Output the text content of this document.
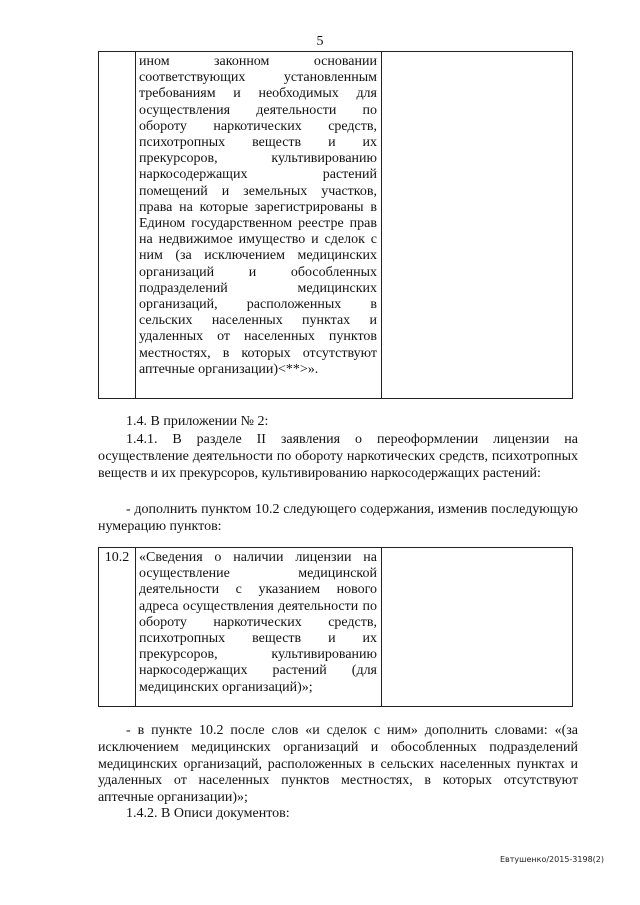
5

ином законном основании соответствующих установленным требованиям и необходимых для осуществления деятельности по обороту наркотических средств, психотропных веществ и их прекурсоров, культивированию наркосодержащих растений помещений и земельных участков, права на которые зарегистрированы в Едином государственном реестре прав на недвижимое имущество и сделок с ним (за исключением медицинских организаций и обособленных подразделений медицинских организаций, расположенных в сельских населенных пунктах и удаленных от населенных пунктов местностях, в которых отсутствуют аптечные организации)<**>».

1.4. В приложении № 2:

1.4.1. В разделе II заявления о переоформлении лицензии на осуществление деятельности по обороту наркотических средств, психотропных веществ и их прекурсоров, культивированию наркосодержащих растений:

- дополнить пунктом 10.2 следующего содержания, изменив последующую нумерацию пунктов:

10.2	«Сведения о наличии лицензии на осуществление медицинской деятельности с указанием нового адреса осуществления деятельности по обороту наркотических средств, психотропных веществ и их прекурсоров, культивированию наркосодержащих растений (для медицинских организаций)»;

- в пункте 10.2 после слов «и сделок с ним» дополнить словами: «(за исключением медицинских организаций и обособленных подразделений медицинских организаций, расположенных в сельских населенных пунктах и удаленных от населенных пунктов местностях, в которых отсутствуют аптечные организации)»;

1.4.2. В Описи документов:

Евтушенко/2015-3198(2)
